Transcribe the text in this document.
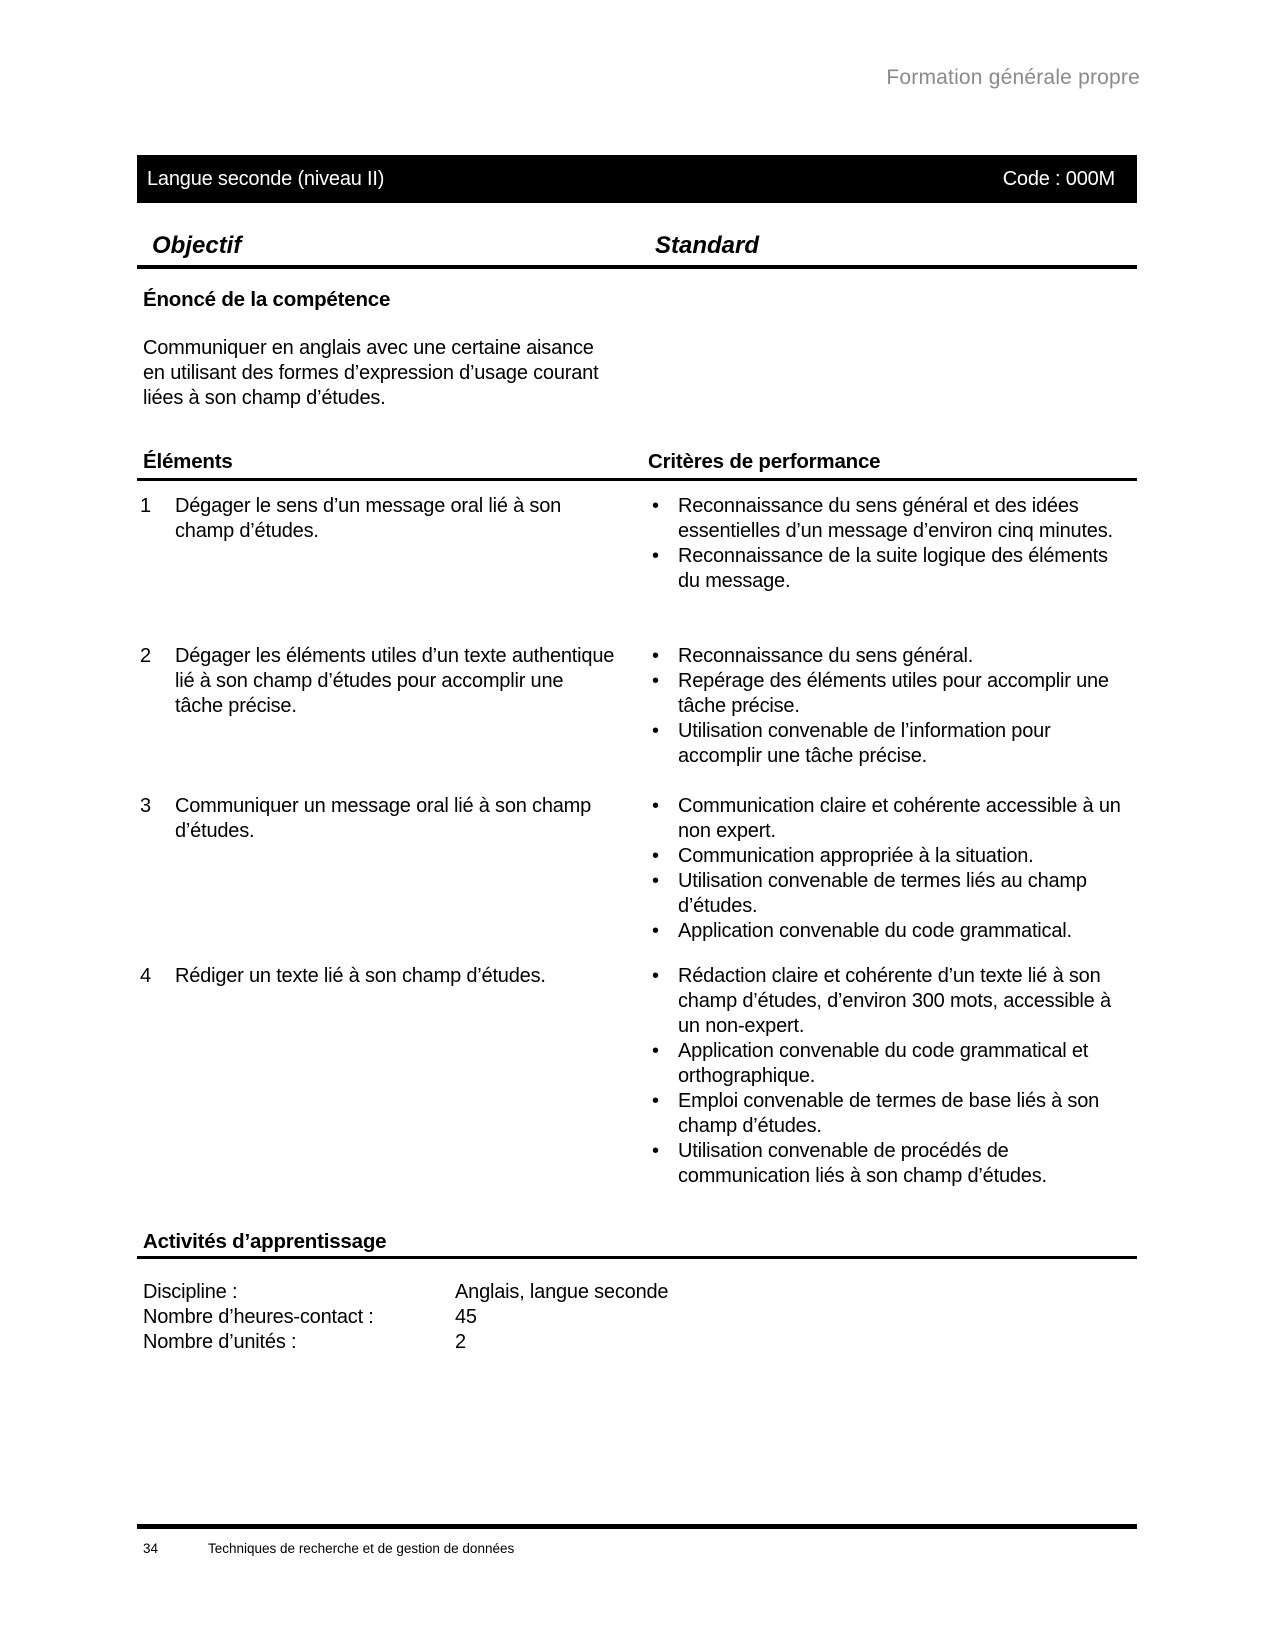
Formation générale propre
Langue seconde (niveau II)	Code : 000M
Objectif	Standard
Énoncé de la compétence
Communiquer en anglais avec une certaine aisance en utilisant des formes d’expression d’usage courant liées à son champ d’études.
Éléments	Critères de performance
1	Dégager le sens d’un message oral lié à son champ d’études.
• Reconnaissance du sens général et des idées essentielles d’un message d’environ cinq minutes.
• Reconnaissance de la suite logique des éléments du message.
2	Dégager les éléments utiles d’un texte authentique lié à son champ d’études pour accomplir une tâche précise.
• Reconnaissance du sens général.
• Repérage des éléments utiles pour accomplir une tâche précise.
• Utilisation convenable de l’information pour accomplir une tâche précise.
3	Communiquer un message oral lié à son champ d’études.
• Communication claire et cohérente accessible à un non expert.
• Communication appropriée à la situation.
• Utilisation convenable de termes liés au champ d’études.
• Application convenable du code grammatical.
4	Rédiger un texte lié à son champ d’études.	• Rédaction claire et cohérente d’un texte lié à son champ d’études, d’environ 300 mots, accessible à un non-expert.
• Application convenable du code grammatical et orthographique.
• Emploi convenable de termes de base liés à son champ d’études.
• Utilisation convenable de procédés de communication liés à son champ d’études.
Activités d’apprentissage
Discipline :	Anglais, langue seconde
Nombre d’heures-contact :	45
Nombre d’unités :	2
34	Techniques de recherche et de gestion de données
